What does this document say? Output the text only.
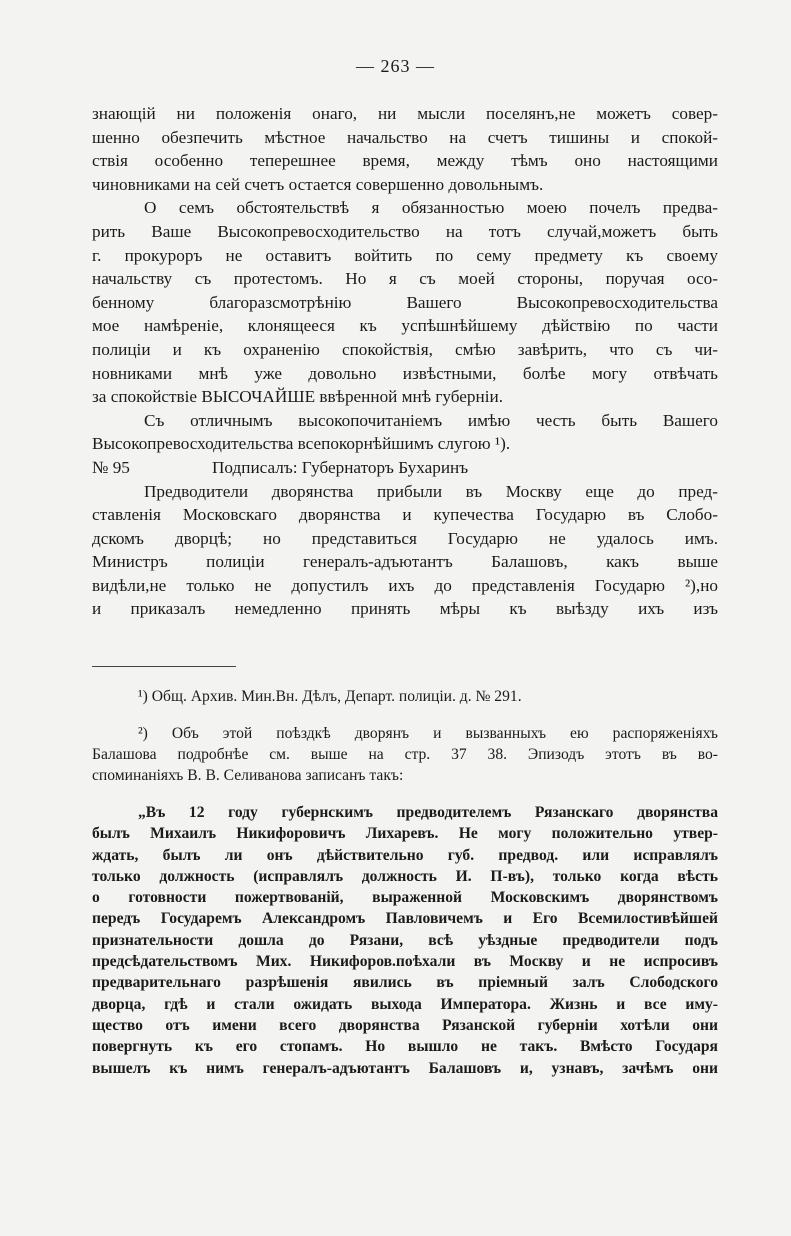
— 263 —
знающій ни положенія онаго, ни мысли поселянъ,не можетъ совер-
шенно обезпечить мѣстное начальство на счетъ тишины и спокой-
ствія особенно теперешнее время, между тѣмъ оно настоящими
чиновниками на сей счетъ остается совершенно довольнымъ.
О семъ обстоятельствѣ я обязанностью моею почелъ предва-
рить Ваше Высокопревосходительство на тотъ случай,можетъ быть
г. прокуроръ не оставитъ войтить по сему предмету къ своему
начальству съ протестомъ. Но я съ моей стороны, поручая осо-
бенному благоразсмотрѣнію Вашего Высокопревосходительства
мое намѣреніе, клонящееся къ успѣшнѣйшему дѣйствію по части
полиціи и къ охраненію спокойствія, смѣю завѣрить, что съ чи-
новниками мнѣ уже довольно извѣстными, болѣе могу отвѣчать
за спокойствіе ВЫСОЧАЙШЕ ввѣренной мнѣ губерніи.
Съ отличнымъ высокопочитаніемъ имѣю честь быть Вашего
Высокопревосходительства всепокорнѣйшимъ слугою ¹).
№ 95	Подписалъ: Губернаторъ Бухаринъ
Предводители дворянства прибыли въ Москву еще до пред-
ставленія Московскаго дворянства и купечества Государю въ Слобо-
дскомъ дворцѣ; но представиться Государю не удалось имъ.
Министръ полиціи генералъ-адъютантъ Балашовъ, какъ выше
видѣли,не только не допустилъ ихъ до представленія Государю ²),но
и приказалъ немедленно принять мѣры къ выѣзду ихъ изъ
¹) Общ. Архив. Мин.Вн. Дѣлъ, Департ. полиціи. д. № 291.
²) Объ этой поѣздкѣ дворянъ и вызванныхъ ею распоряженіяхъ
Балашова подробнѣе см. выше на стр. 37 38. Эпизодъ этотъ въ во-
споминаніяхъ В. В. Селиванова записанъ такъ:
„Въ 12 году губернскимъ предводителемъ Рязанскаго дворянства
былъ Михаилъ Никифоровичъ Лихаревъ. Не могу положительно утвер-
ждать, былъ ли онъ дѣйствительно губ. предвод. или исправлялъ
только должность (исправлялъ должность И. П-въ), только когда вѣсть
о готовности пожертвованій, выраженной Московскимъ дворянствомъ
передъ Государемъ Александромъ Павловичемъ и Его Всемилостивѣйшей
признательности дошла до Рязани, всѣ уѣздные предводители подъ
предсѣдательствомъ Мих. Никифоров.поѣхали въ Москву и не испросивъ
предварительнаго разрѣшенія явились въ пріемный залъ Слободского
дворца, гдѣ и стали ожидать выхода Императора. Жизнь и все иму-
щество отъ имени всего дворянства Рязанской губерніи хотѣли они
повергнуть къ его стопамъ. Но вышло не такъ. Вмѣсто Государя
вышелъ къ нимъ генералъ-адъютантъ Балашовъ и, узнавъ, зачѣмъ они
